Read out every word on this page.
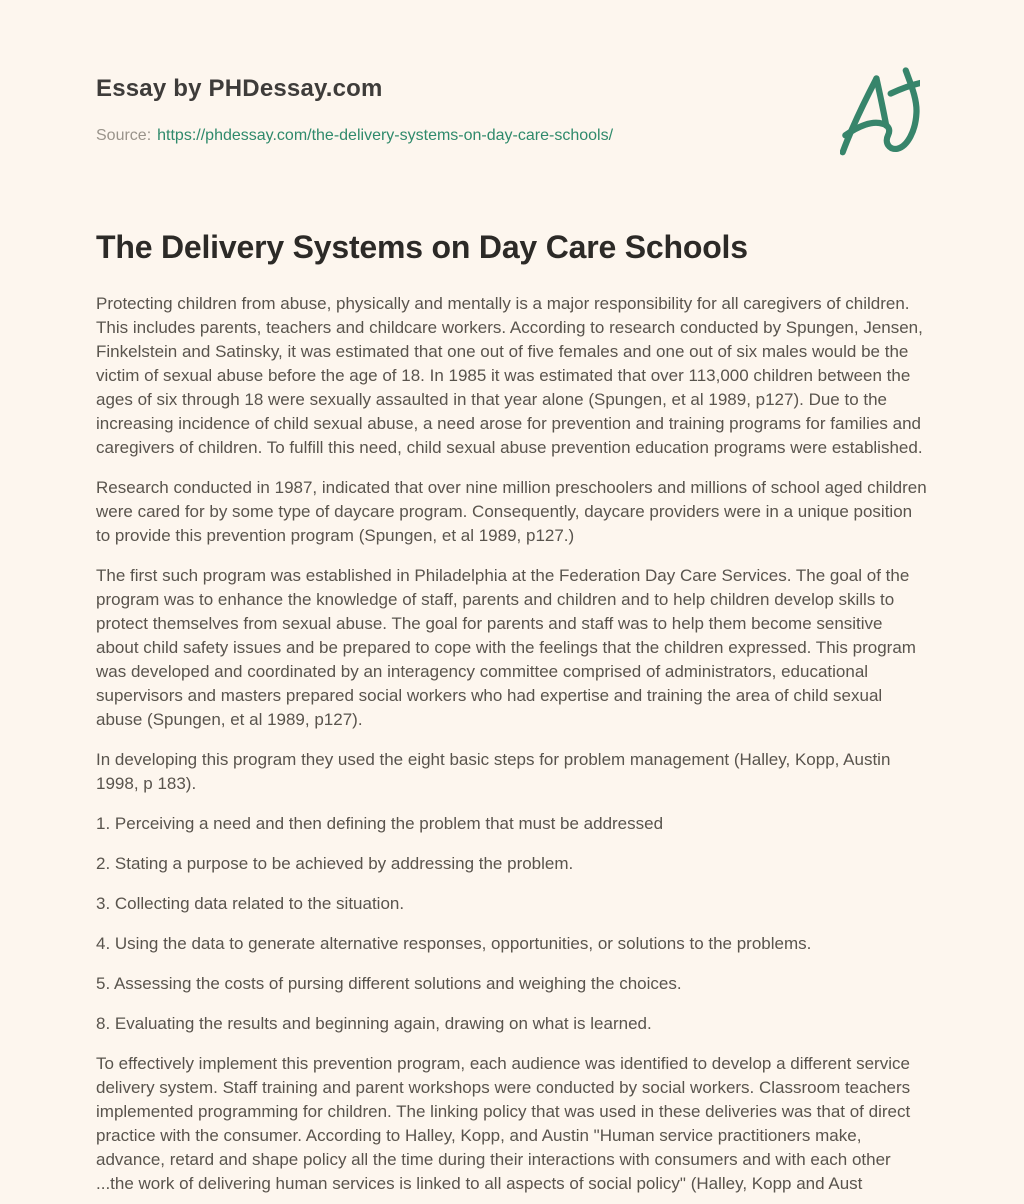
Essay by PHDessay.com
Source: https://phdessay.com/the-delivery-systems-on-day-care-schools/
The Delivery Systems on Day Care Schools

Protecting children from abuse, physically and mentally is a major responsibility for all caregivers of children. This includes parents, teachers and childcare workers. According to research conducted by Spungen, Jensen, Finkelstein and Satinsky, it was estimated that one out of five females and one out of six males would be the victim of sexual abuse before the age of 18. In 1985 it was estimated that over 113,000 children between the ages of six through 18 were sexually assaulted in that year alone (Spungen, et al 1989, p127). Due to the increasing incidence of child sexual abuse, a need arose for prevention and training programs for families and caregivers of children. To fulfill this need, child sexual abuse prevention education programs were established.

Research conducted in 1987, indicated that over nine million preschoolers and millions of school aged children were cared for by some type of daycare program. Consequently, daycare providers were in a unique position to provide this prevention program (Spungen, et al 1989, p127.)

The first such program was established in Philadelphia at the Federation Day Care Services. The goal of the program was to enhance the knowledge of staff, parents and children and to help children develop skills to protect themselves from sexual abuse. The goal for parents and staff was to help them become sensitive about child safety issues and be prepared to cope with the feelings that the children expressed. This program was developed and coordinated by an interagency committee comprised of administrators, educational supervisors and masters prepared social workers who had expertise and training the area of child sexual abuse (Spungen, et al 1989, p127).

In developing this program they used the eight basic steps for problem management (Halley, Kopp, Austin 1998, p 183).

1. Perceiving a need and then defining the problem that must be addressed

2. Stating a purpose to be achieved by addressing the problem.

3. Collecting data related to the situation.

4. Using the data to generate alternative responses, opportunities, or solutions to the problems.

5. Assessing the costs of pursing different solutions and weighing the choices.

8. Evaluating the results and beginning again, drawing on what is learned.

To effectively implement this prevention program, each audience was identified to develop a different service delivery system. Staff training and parent workshops were conducted by social workers. Classroom teachers implemented programming for children. The linking policy that was used in these deliveries was that of direct practice with the consumer. According to Halley, Kopp, and Austin "Human service practitioners make, advance, retard and shape policy all the time during their interactions with consumers and with each other ...the work of delivering human services is linked to all aspects of social policy" (Halley, Kopp and Aust
